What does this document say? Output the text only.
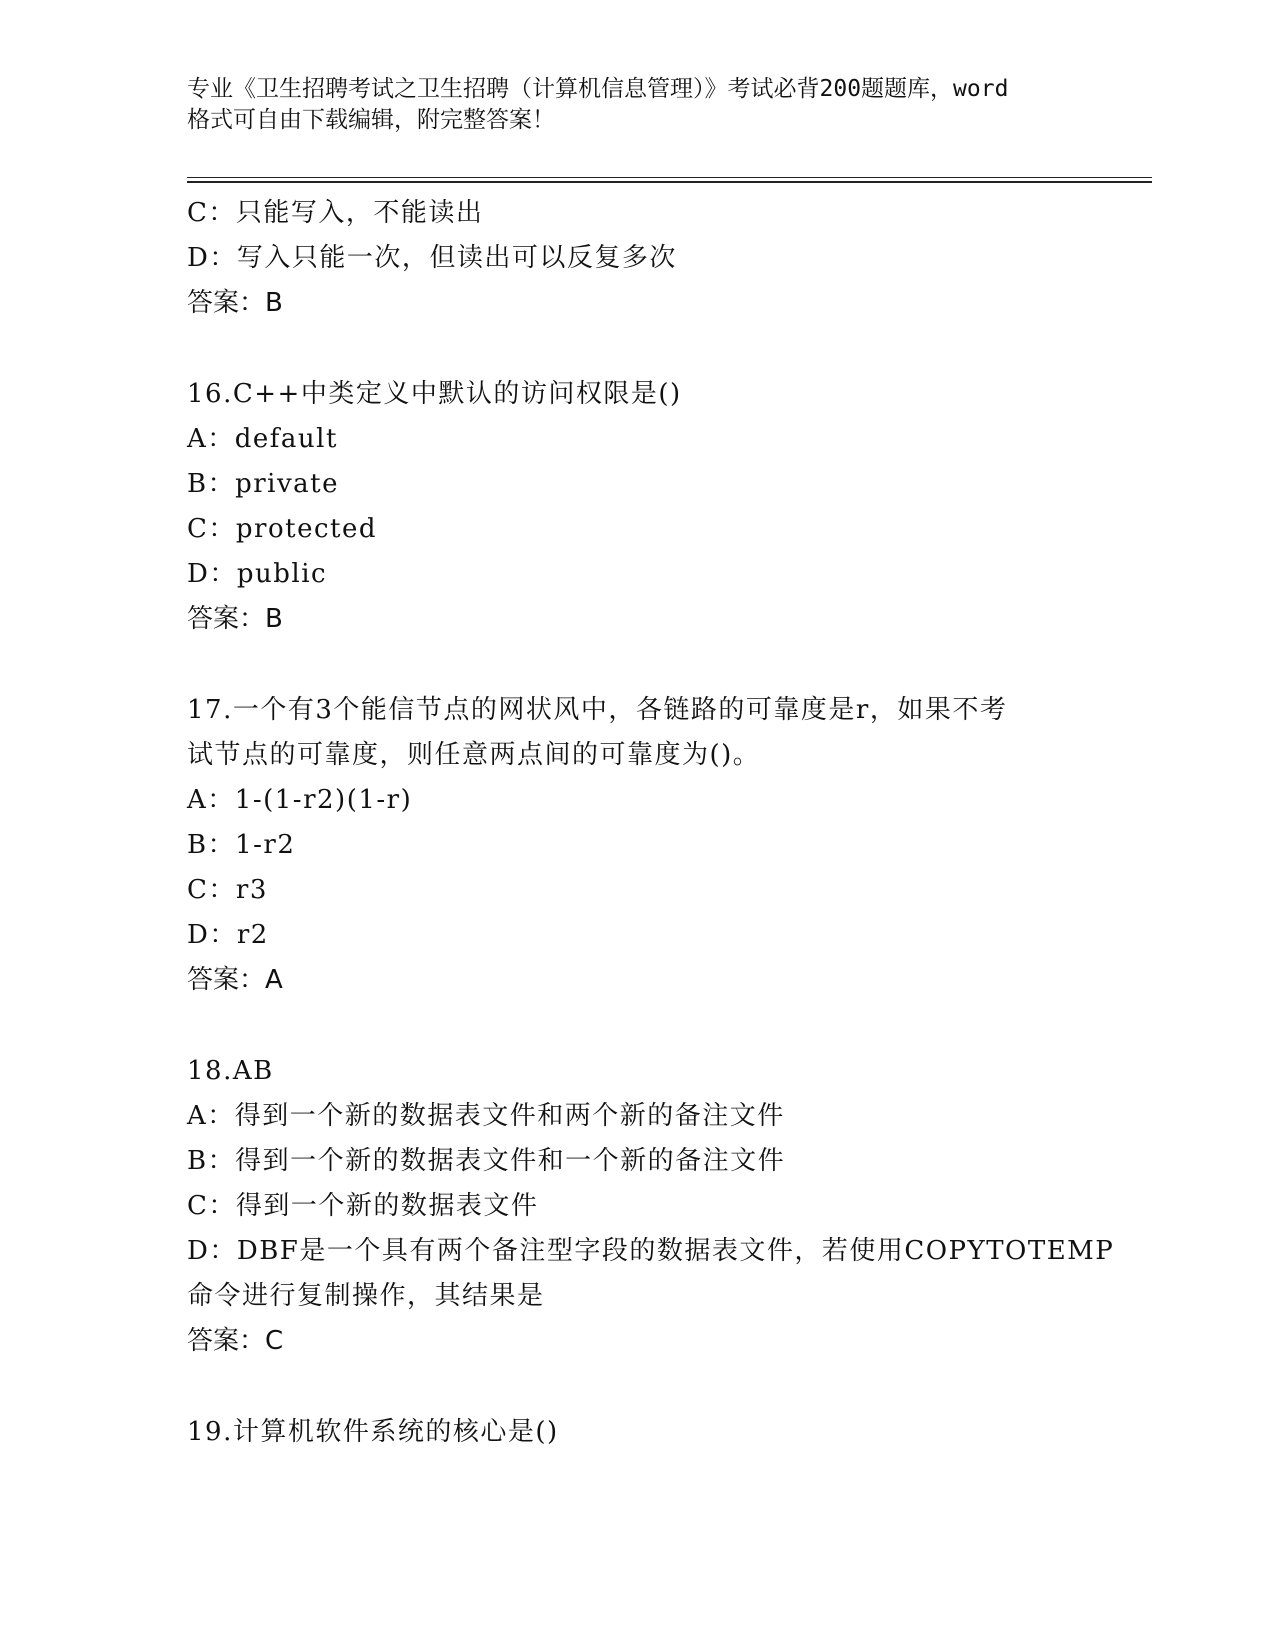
专业《卫生招聘考试之卫生招聘（计算机信息管理）》考试必背200题题库，word
格式可自由下载编辑，附完整答案！
C：只能写入，不能读出
D：写入只能一次，但读出可以反复多次
答案：B
16.C++中类定义中默认的访问权限是()
A：default
B：private
C：protected
D：public
答案：B
17.一个有3个能信节点的网状风中，各链路的可靠度是r，如果不考
试节点的可靠度，则任意两点间的可靠度为()。
A：1-(1-r2)(1-r)
B：1-r2
C：r3
D：r2
答案：A
18.AB
A：得到一个新的数据表文件和两个新的备注文件
B：得到一个新的数据表文件和一个新的备注文件
C：得到一个新的数据表文件
D：DBF是一个具有两个备注型字段的数据表文件，若使用COPYTOTEMP
命令进行复制操作，其结果是
答案：C
19.计算机软件系统的核心是()
